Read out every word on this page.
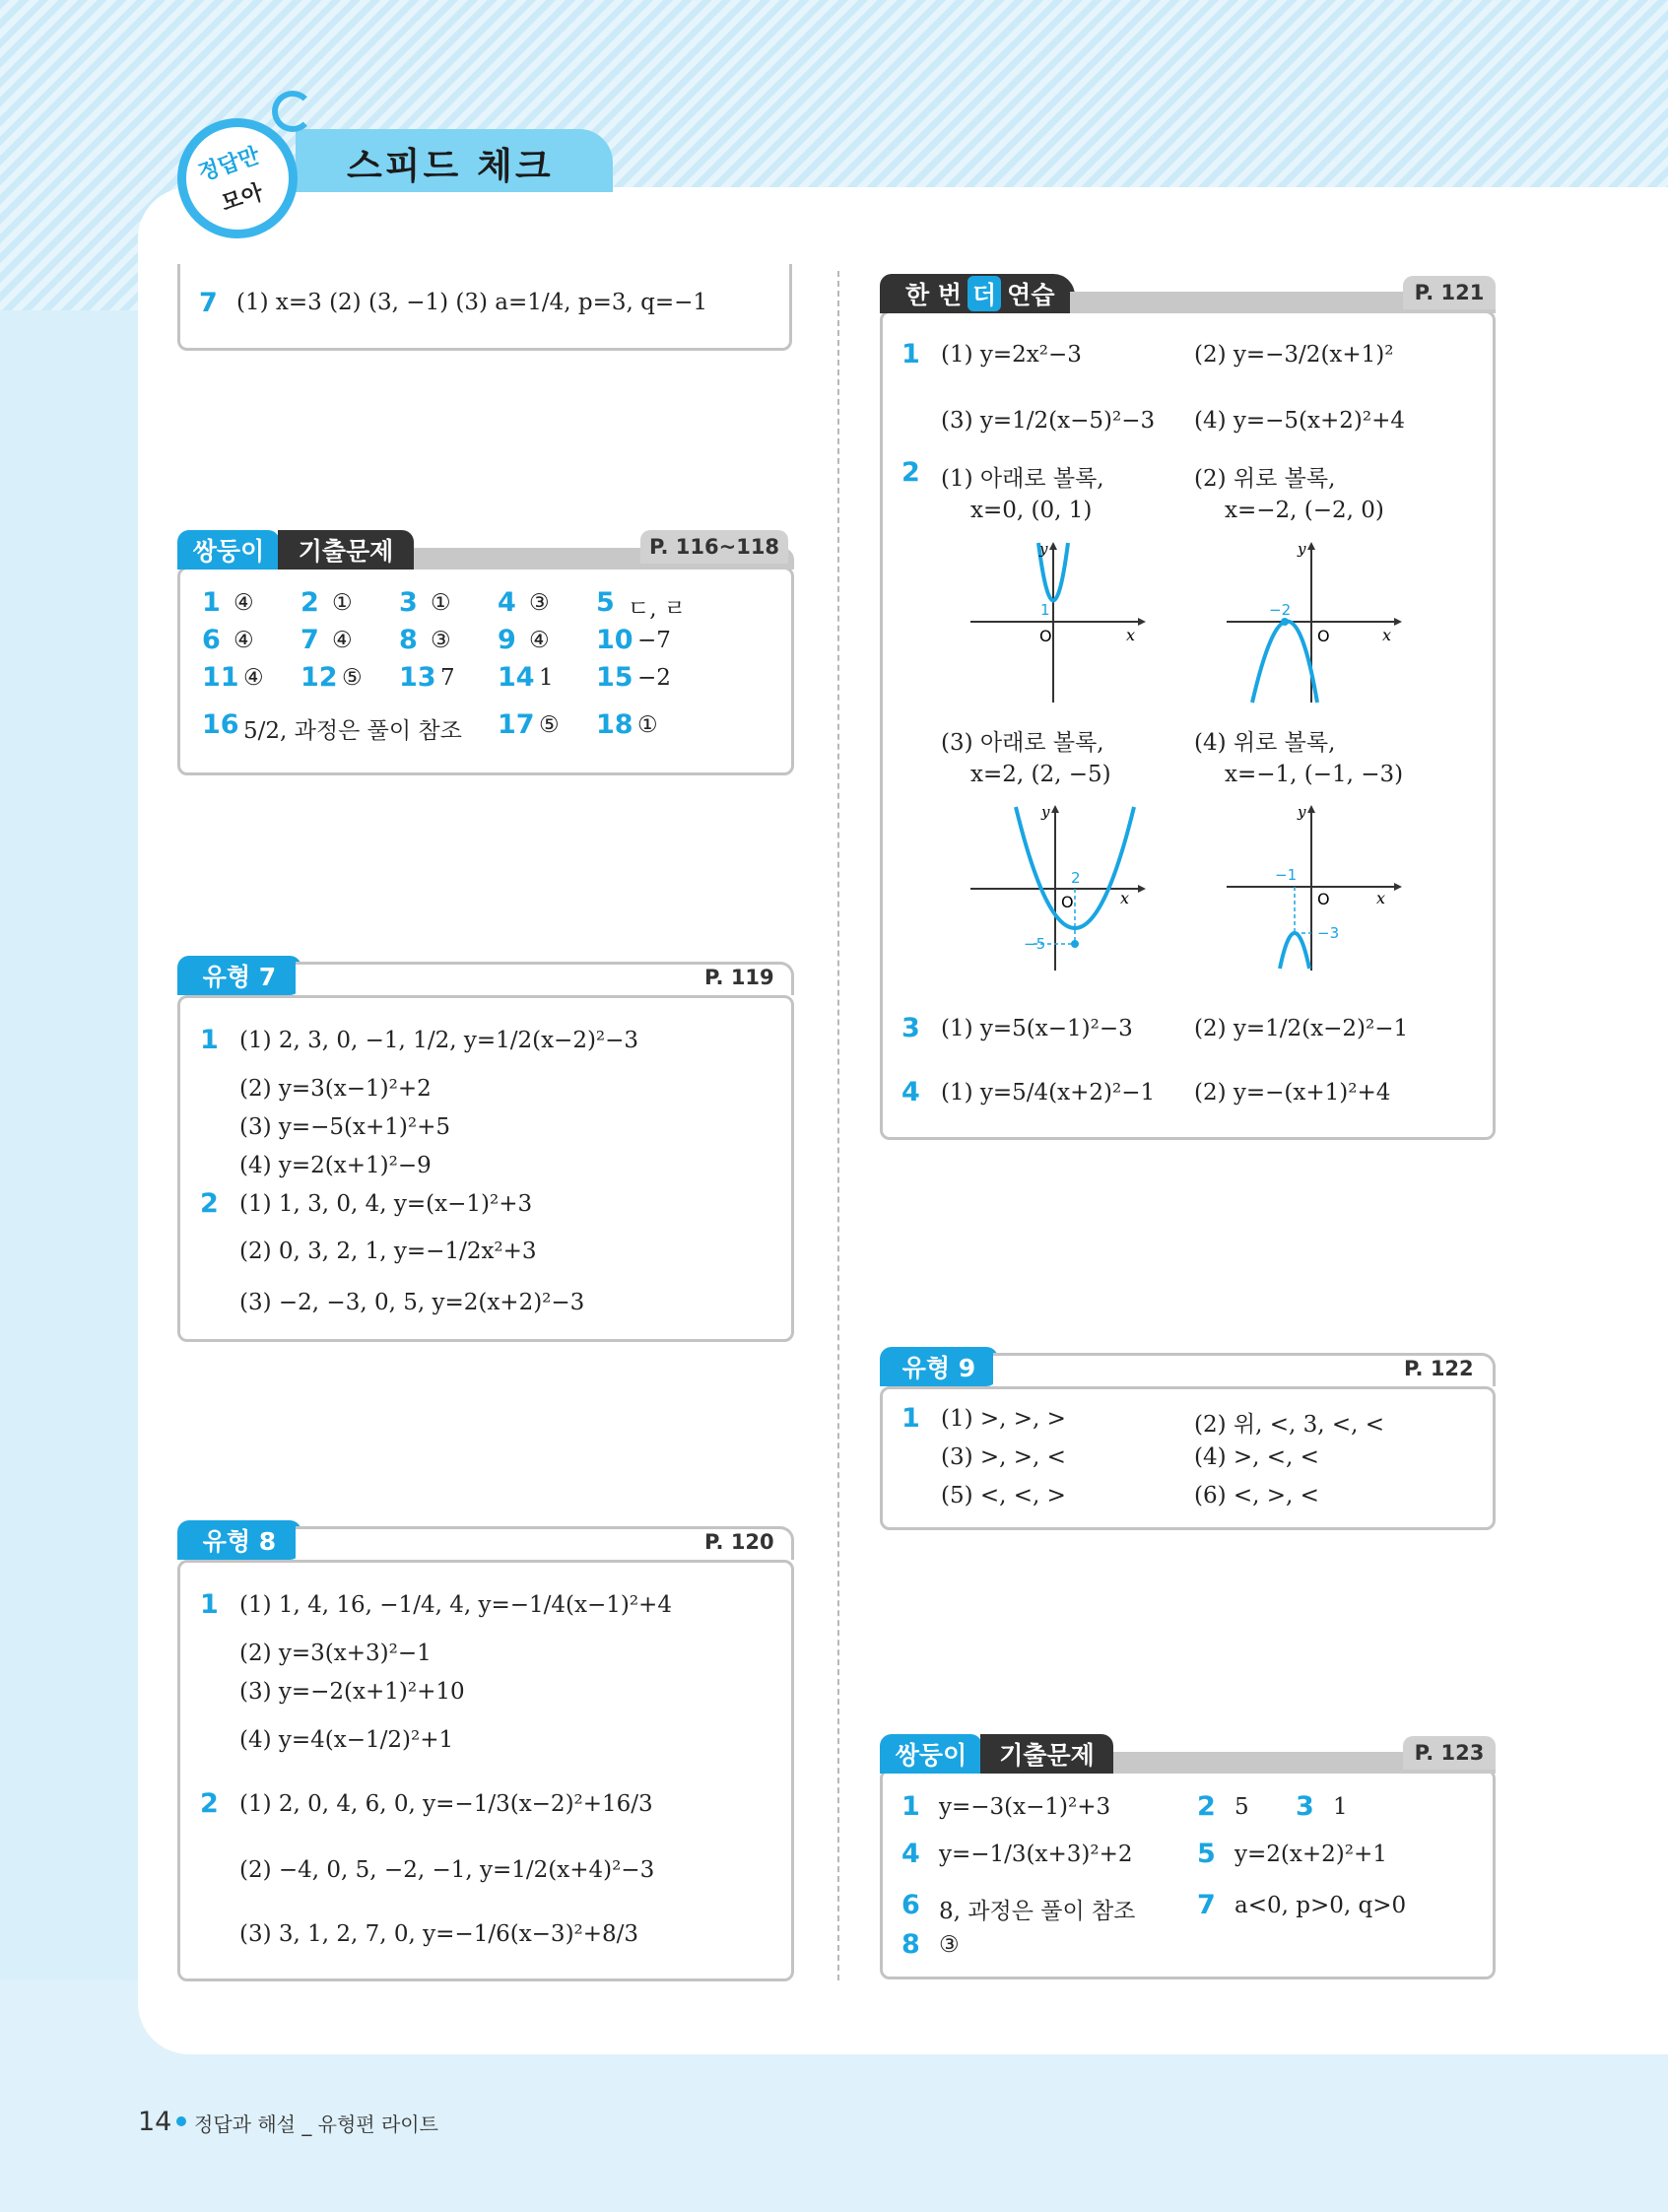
스피드 체크
정답만
모아
7 (1) x=3 (2) (3, −1) (3) a=1/4, p=3, q=−1
쌍둥이 기출문제	P. 116~118
1 ④ 2 ① 3 ① 4 ③ 5 ㄷ, ㄹ
6 ④ 7 ④ 8 ③ 9 ④ 10 −7
11 ④ 12 ⑤ 13 7 14 1 15 −2
16 5/2, 과정은 풀이 참조 17 ⑤ 18 ①
유형 7	P. 119
1 (1) 2, 3, 0, −1, 1/2, y=1/2(x−2)²−3
(2) y=3(x−1)²+2
(3) y=−5(x+1)²+5
(4) y=2(x+1)²−9
2 (1) 1, 3, 0, 4, y=(x−1)²+3
(2) 0, 3, 2, 1, y=−1/2x²+3
(3) −2, −3, 0, 5, y=2(x+2)²−3
유형 8	P. 120
1 (1) 1, 4, 16, −1/4, 4, y=−1/4(x−1)²+4
(2) y=3(x+3)²−1
(3) y=−2(x+1)²+10
(4) y=4(x−1/2)²+1
2 (1) 2, 0, 4, 6, 0, y=−1/3(x−2)²+16/3
(2) −4, 0, 5, −2, −1, y=1/2(x+4)²−3
(3) 3, 1, 2, 7, 0, y=−1/6(x−3)²+8/3
한 번 더 연습	P. 121
1 (1) y=2x²−3	(2) y=−3/2(x+1)²
(3) y=1/2(x−5)²−3 (4) y=−5(x+2)²+4
2 (1) 아래로 볼록,
x=0, (0, 1)
(2) 위로 볼록,
x=−2, (−2, 0)
(3) 아래로 볼록,
x=2, (2, −5)
(4) 위로 볼록,
x=−1, (−1, −3)
y
x
O
1
y
x
O
−2
y
x
O
2
−5
y
x
O
−1
−3
3 (1) y=5(x−1)²−3	(2) y=1/2(x−2)²−1
4 (1) y=5/4(x+2)²−1 (2) y=−(x+1)²+4
유형 9	P. 122
1 (1) >, >, >	(2) 위, <, 3, <, <
(3) >, >, <	(4) >, <, <
(5) <, <, >	(6) <, >, <
쌍둥이 기출문제	P. 123
1 y=−3(x−1)²+3	2 5 3 1
4 y=−1/3(x+3)²+2 5 y=2(x+2)²+1
6 8, 과정은 풀이 참조 7 a<0, p>0, q>0
8 ③
14 정답과 해설 _ 유형편 라이트
